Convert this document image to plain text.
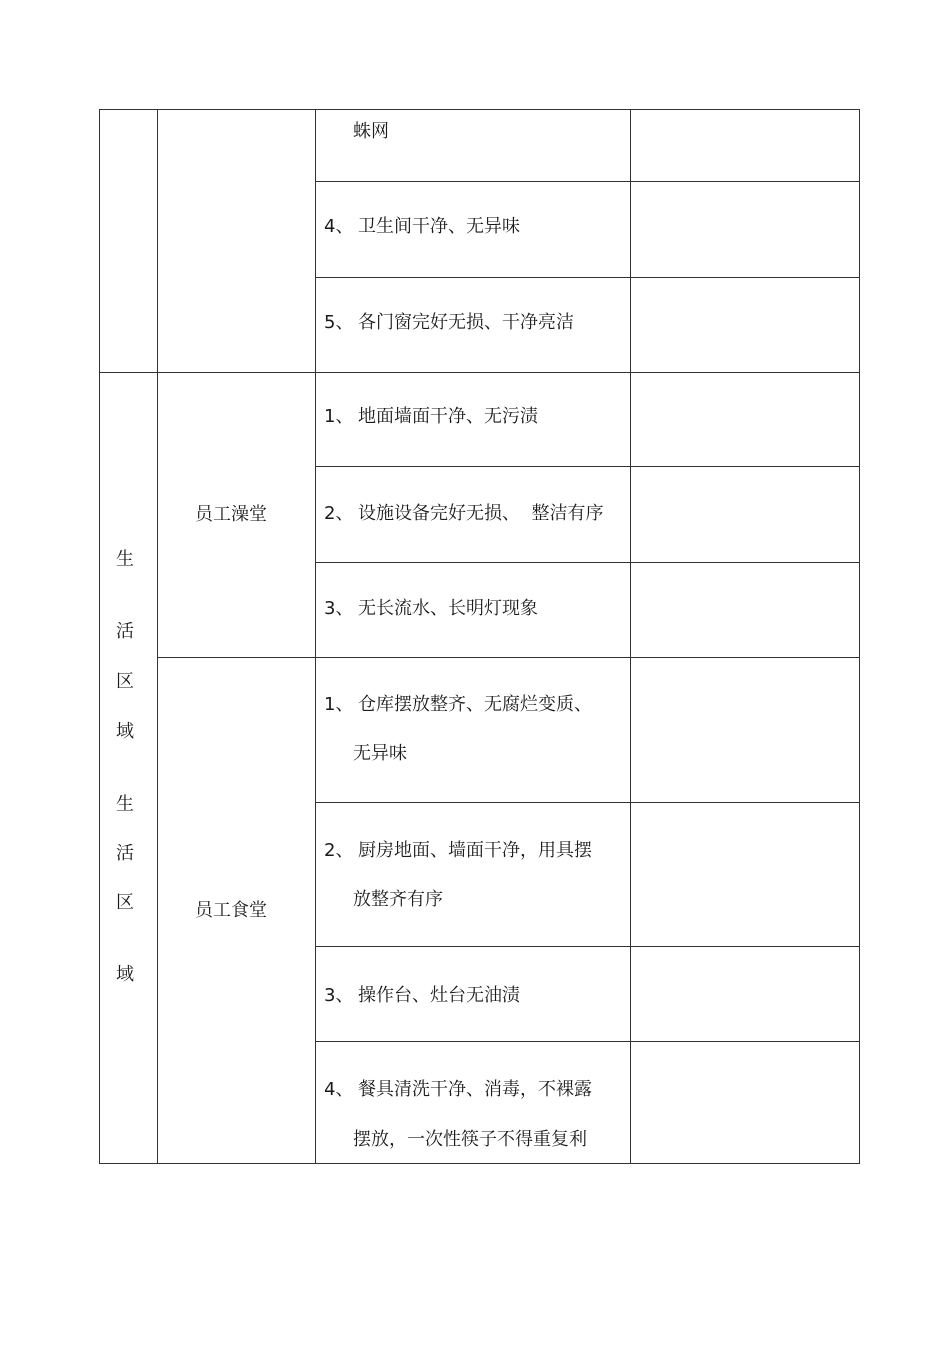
生
活
区
域
生
活
区
域
员工澡堂
员工食堂
蛛网
4、 卫生间干净、无异味
5、 各门窗完好无损、干净亮洁
1、 地面墙面干净、无污渍
2、 设施设备完好无损、  整洁有序
3、 无长流水、长明灯现象
1、 仓库摆放整齐、无腐烂变质、
无异味
2、 厨房地面、墙面干净，用具摆
放整齐有序
3、 操作台、灶台无油渍
4、 餐具清洗干净、消毒，不裸露
摆放，一次性筷子不得重复利
